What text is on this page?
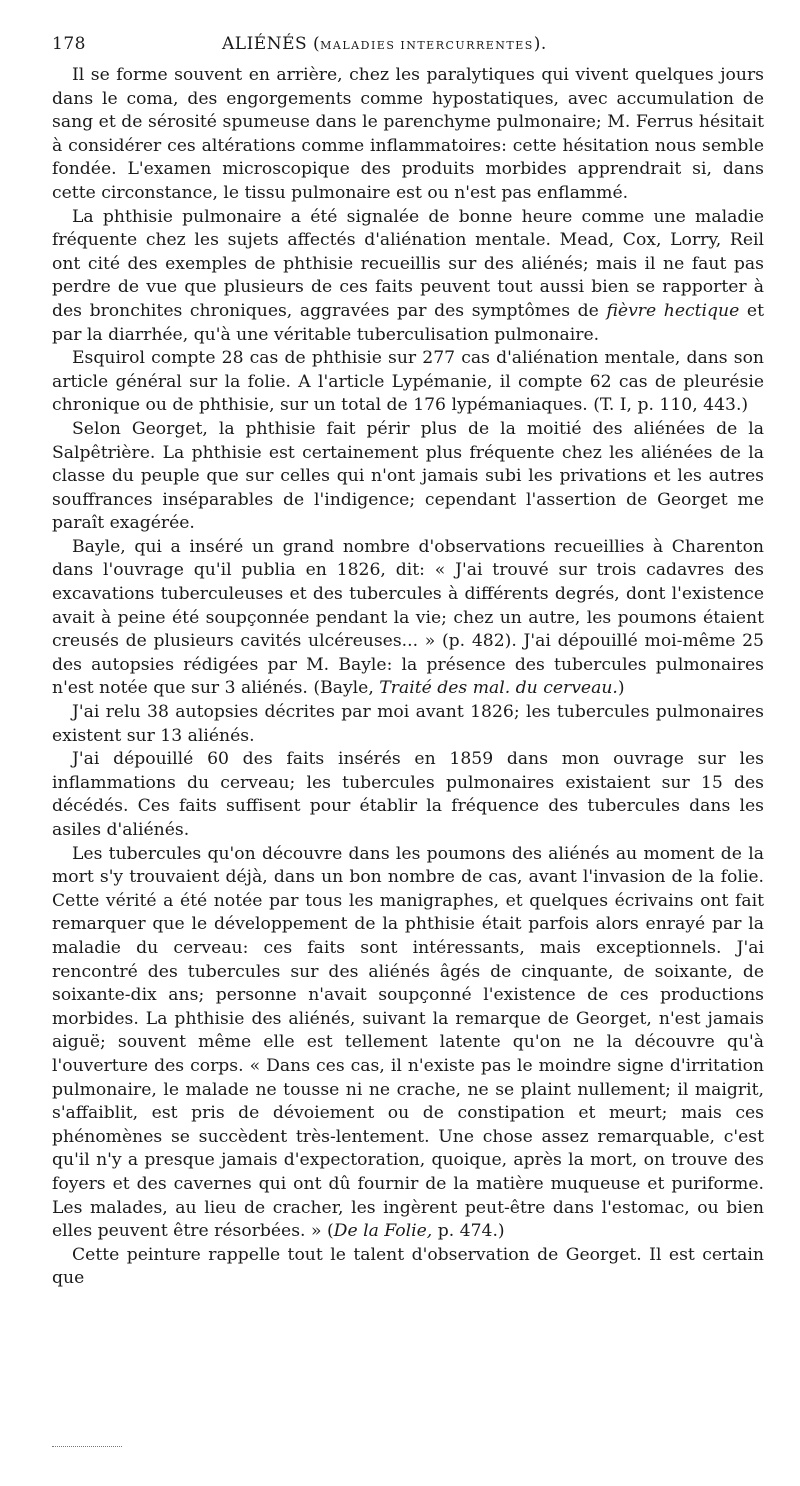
178	ALIÉNÉS (MALADIES INTERCURRENTES).

Il se forme souvent en arrière, chez les paralytiques qui vivent quelques jours dans le coma, des engorgements comme hypostatiques, avec accumulation de sang et de sérosité spumeuse dans le parenchyme pulmonaire; M. Ferrus hésitait à considérer ces altérations comme inflammatoires: cette hésitation nous semble fondée. L'examen microscopique des produits morbides apprendrait si, dans cette circonstance, le tissu pulmonaire est ou n'est pas enflammé.

La phthisie pulmonaire a été signalée de bonne heure comme une maladie fréquente chez les sujets affectés d'aliénation mentale. Mead, Cox, Lorry, Reil ont cité des exemples de phthisie recueillis sur des aliénés; mais il ne faut pas perdre de vue que plusieurs de ces faits peuvent tout aussi bien se rapporter à des bronchites chroniques, aggravées par des symptômes de fièvre hectique et par la diarrhée, qu'à une véritable tuberculisation pulmonaire.

Esquirol compte 28 cas de phthisie sur 277 cas d'aliénation mentale, dans son article général sur la folie. A l'article Lypémanie, il compte 62 cas de pleurésie chronique ou de phthisie, sur un total de 176 lypémaniaques. (T. I, p. 110, 443.)

Selon Georget, la phthisie fait périr plus de la moitié des aliénées de la Salpêtrière. La phthisie est certainement plus fréquente chez les aliénées de la classe du peuple que sur celles qui n'ont jamais subi les privations et les autres souffrances inséparables de l'indigence; cependant l'assertion de Georget me paraît exagérée.

Bayle, qui a inséré un grand nombre d'observations recueillies à Charenton dans l'ouvrage qu'il publia en 1826, dit: « J'ai trouvé sur trois cadavres des excavations tuberculeuses et des tubercules à différents degrés, dont l'existence avait à peine été soupçonnée pendant la vie; chez un autre, les poumons étaient creusés de plusieurs cavités ulcéreuses... » (p. 482). J'ai dépouillé moi-même 25 des autopsies rédigées par M. Bayle: la présence des tubercules pulmonaires n'est notée que sur 3 aliénés. (Bayle, Traité des mal. du cerveau.)

J'ai relu 38 autopsies décrites par moi avant 1826; les tubercules pulmonaires existent sur 13 aliénés.

J'ai dépouillé 60 des faits insérés en 1859 dans mon ouvrage sur les inflammations du cerveau; les tubercules pulmonaires existaient sur 15 des décédés. Ces faits suffisent pour établir la fréquence des tubercules dans les asiles d'aliénés.

Les tubercules qu'on découvre dans les poumons des aliénés au moment de la mort s'y trouvaient déjà, dans un bon nombre de cas, avant l'invasion de la folie. Cette vérité a été notée par tous les manigraphes, et quelques écrivains ont fait remarquer que le développement de la phthisie était parfois alors enrayé par la maladie du cerveau: ces faits sont intéressants, mais exceptionnels. J'ai rencontré des tubercules sur des aliénés âgés de cinquante, de soixante, de soixante-dix ans; personne n'avait soupçonné l'existence de ces productions morbides. La phthisie des aliénés, suivant la remarque de Georget, n'est jamais aiguë; souvent même elle est tellement latente qu'on ne la découvre qu'à l'ouverture des corps. « Dans ces cas, il n'existe pas le moindre signe d'irritation pulmonaire, le malade ne tousse ni ne crache, ne se plaint nullement; il maigrit, s'affaiblit, est pris de dévoiement ou de constipation et meurt; mais ces phénomènes se succèdent très-lentement. Une chose assez remarquable, c'est qu'il n'y a presque jamais d'expectoration, quoique, après la mort, on trouve des foyers et des cavernes qui ont dû fournir de la matière muqueuse et puriforme. Les malades, au lieu de cracher, les ingèrent peut-être dans l'estomac, ou bien elles peuvent être résorbées. » (De la Folie, p. 474.)

Cette peinture rappelle tout le talent d'observation de Georget. Il est certain que
